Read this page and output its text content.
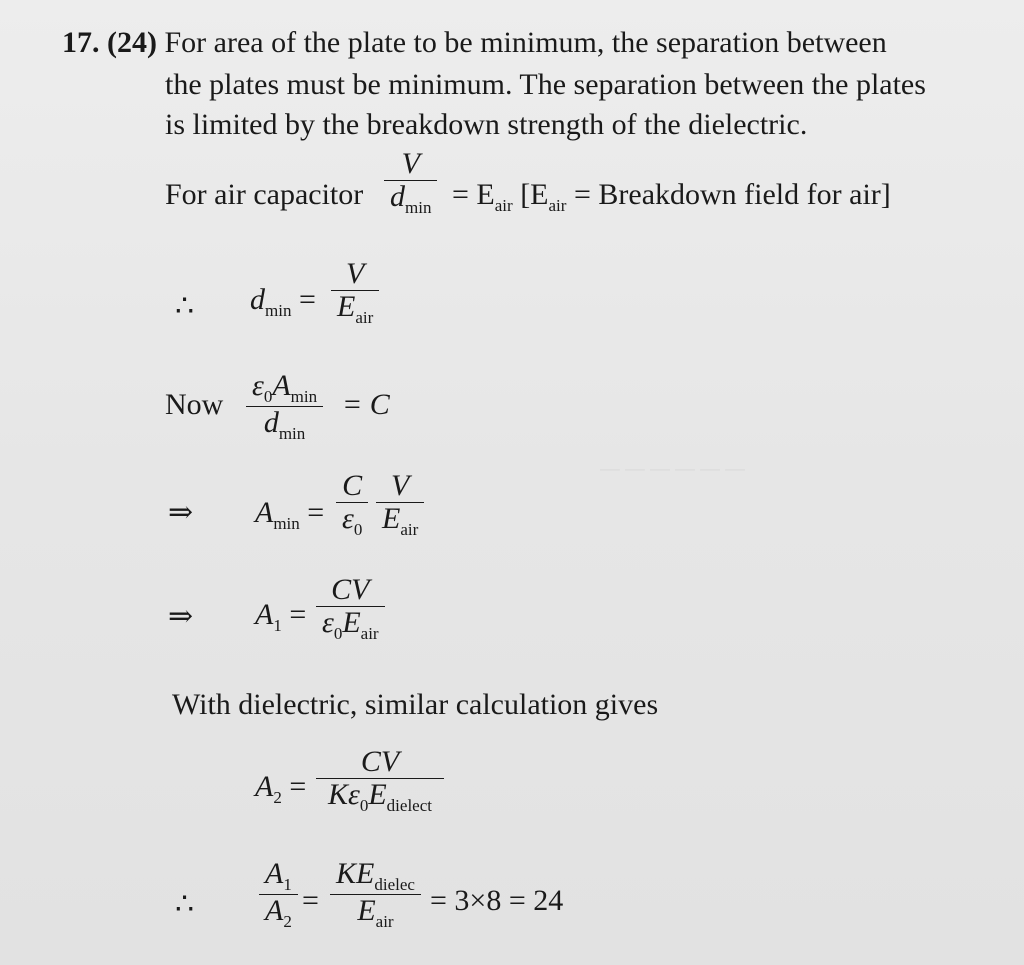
— — — — — —
17. (24) For area of the plate to be minimum, the separation between
the plates must be minimum. The separation between the plates
is limited by the breakdown strength of the dielectric.
For air capacitor $\frac{V}{d_{min}} = E_{air}$ [$E_{air}$ = Breakdown field for air]
∴ $d_{min} = \frac{V}{E_{air}}$
Now $\frac{\varepsilon_0A_{min}}{d_{min}} = C$
⇒ $A_{min} = \frac{C}{\varepsilon_0} \frac{V}{E_{air}}$
⇒ $A_1 = \frac{CV}{\varepsilon_0E_{air}}$
With dielectric, similar calculation gives
$A_2 = \frac{CV}{K\varepsilon_0E_{dielect}}$
∴ $\frac{A_1}{A_2} = \frac{KE_{dielec}}{E_{air}} = 3\times 8 = 24$
